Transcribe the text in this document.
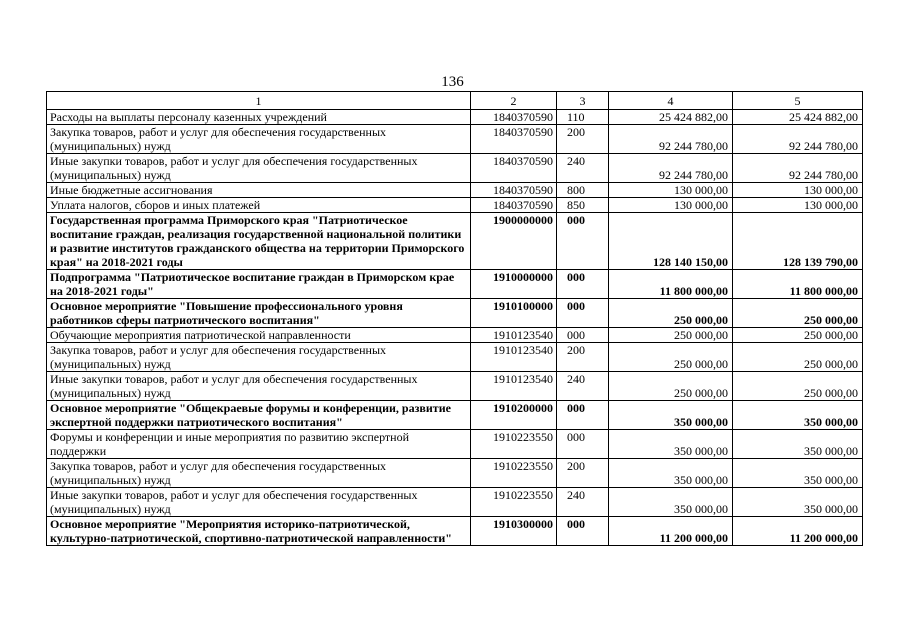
136
1	2	3	4	5
Расходы на выплаты персоналу казенных учреждений	1840370590	110	25 424 882,00	25 424 882,00
Закупка товаров, работ и услуг для обеспечения государственных (муниципальных) нужд	1840370590	200	92 244 780,00	92 244 780,00
Иные закупки товаров, работ и услуг для обеспечения государственных (муниципальных) нужд	1840370590	240	92 244 780,00	92 244 780,00
Иные бюджетные ассигнования	1840370590	800	130 000,00	130 000,00
Уплата налогов, сборов и иных платежей	1840370590	850	130 000,00	130 000,00
Государственная программа Приморского края "Патриотическое воспитание граждан, реализация государственной национальной политики и развитие институтов гражданского общества на территории Приморского края" на 2018-2021 годы	1900000000	000	128 140 150,00	128 139 790,00
Подпрограмма "Патриотическое воспитание граждан в Приморском крае на 2018-2021 годы"	1910000000	000	11 800 000,00	11 800 000,00
Основное мероприятие "Повышение профессионального уровня работников сферы патриотического воспитания"	1910100000	000	250 000,00	250 000,00
Обучающие мероприятия патриотической направленности	1910123540	000	250 000,00	250 000,00
Закупка товаров, работ и услуг для обеспечения государственных (муниципальных) нужд	1910123540	200	250 000,00	250 000,00
Иные закупки товаров, работ и услуг для обеспечения государственных (муниципальных) нужд	1910123540	240	250 000,00	250 000,00
Основное мероприятие "Общекраевые форумы и конференции, развитие экспертной поддержки патриотического воспитания"	1910200000	000	350 000,00	350 000,00
Форумы и конференции и иные мероприятия по развитию экспертной поддержки	1910223550	000	350 000,00	350 000,00
Закупка товаров, работ и услуг для обеспечения государственных (муниципальных) нужд	1910223550	200	350 000,00	350 000,00
Иные закупки товаров, работ и услуг для обеспечения государственных (муниципальных) нужд	1910223550	240	350 000,00	350 000,00
Основное мероприятие "Мероприятия историко-патриотической, культурно-патриотической, спортивно-патриотической направленности"	1910300000	000	11 200 000,00	11 200 000,00
